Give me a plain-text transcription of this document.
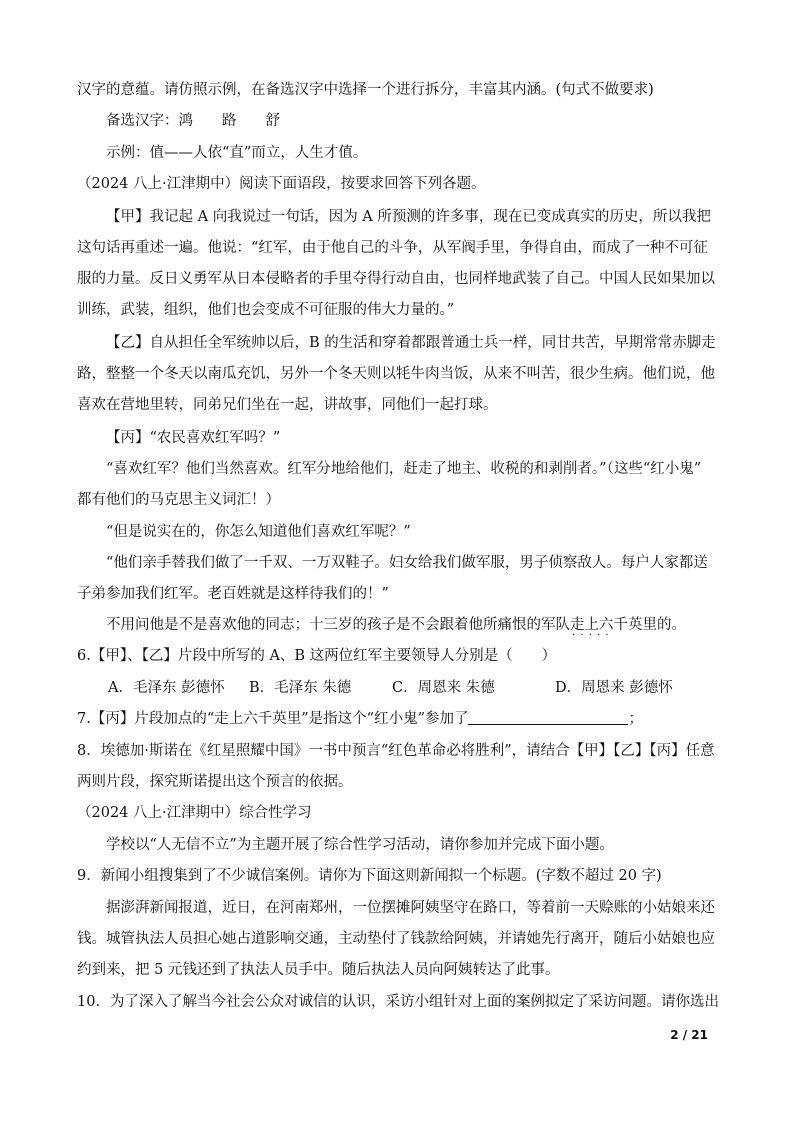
汉字的意蕴。请仿照示例，在备选汉字中选择一个进行拆分，丰富其内涵。(句式不做要求)
备选汉字：鸿　　路　　舒
示例：值——人依“直”而立，人生才值。
（2024 八上·江津期中）阅读下面语段，按要求回答下列各题。
【甲】我记起 A 向我说过一句话，因为 A 所预测的许多事，现在已变成真实的历史，所以我把
这句话再重述一遍。他说：“红军，由于他自己的斗争，从军阀手里，争得自由，而成了一种不可征
服的力量。反日义勇军从日本侵略者的手里夺得行动自由，也同样地武装了自己。中国人民如果加以
训练，武装，组织，他们也会变成不可征服的伟大力量的。”
【乙】自从担任全军统帅以后，B 的生活和穿着都跟普通士兵一样，同甘共苦，早期常常赤脚走
路，整整一个冬天以南瓜充饥，另外一个冬天则以牦牛肉当饭，从来不叫苦，很少生病。他们说，他
喜欢在营地里转，同弟兄们坐在一起，讲故事，同他们一起打球。
【丙】“农民喜欢红军吗？”
“喜欢红军？他们当然喜欢。红军分地给他们，赶走了地主、收税的和剥削者。”（这些“红小鬼”
都有他们的马克思主义词汇！）
“但是说实在的，你怎么知道他们喜欢红军呢？”
“他们亲手替我们做了一千双、一万双鞋子。妇女给我们做军服，男子侦察敌人。每户人家都送
子弟参加我们红军。老百姓就是这样待我们的！”
不用问他是不是喜欢他的同志；十三岁的孩子是不会跟着他所痛恨的军队走上六千英里 · · ·的。
6.【甲】、【乙】片段中所写的 A、B 这两位红军主要领导人分别是（　　）
A．毛泽东 彭德怀 B．毛泽东 朱德	C．周恩来 朱德	D．周恩来 彭德怀
7.【丙】片段加点的“走上六千英里”是指这个“红小鬼”参加了	；
8．埃德加·斯诺在《红星照耀中国》一书中预言“红色革命必将胜利”，请结合【甲】【乙】【丙】任意
两则片段，探究斯诺提出这个预言的依据。
（2024 八上·江津期中）综合性学习
学校以“人无信不立”为主题开展了综合性学习活动，请你参加并完成下面小题。
9．新闻小组搜集到了不少诚信案例。请你为下面这则新闻拟一个标题。(字数不超过 20 字)
据澎湃新闻报道，近日，在河南郑州，一位摆摊阿姨坚守在路口，等着前一天赊账的小姑娘来还
钱。城管执法人员担心她占道影响交通，主动垫付了钱款给阿姨，并请她先行离开，随后小姑娘也应
约到来，把 5 元钱还到了执法人员手中。随后执法人员向阿姨转达了此事。
10．为了深入了解当今社会公众对诚信的认识，采访小组针对上面的案例拟定了采访问题。请你选出
2 / 21
